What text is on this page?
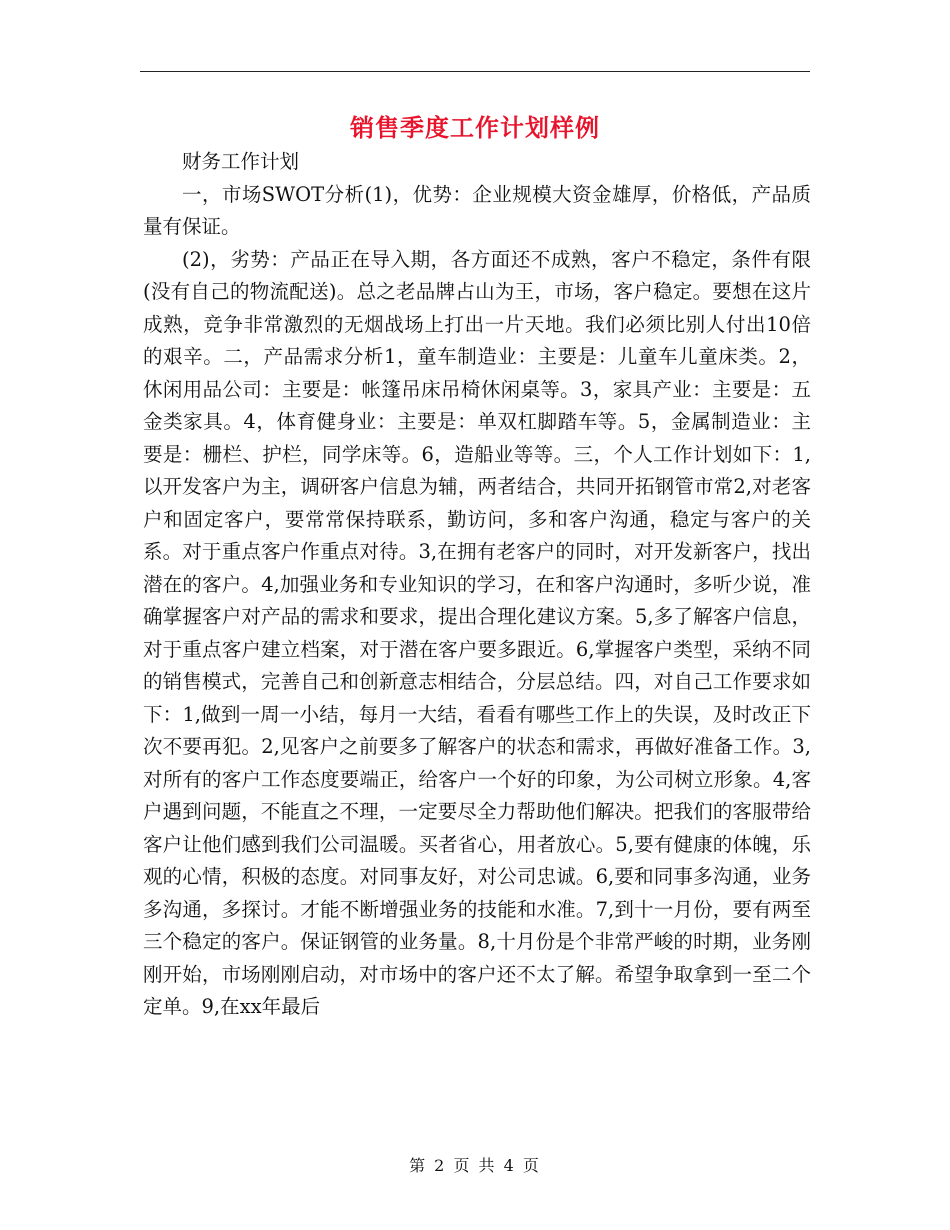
销售季度工作计划样例

财务工作计划

一，市场SWOT分析(1)，优势：企业规模大资金雄厚，价格低，产品质量有保证。

(2)，劣势：产品正在导入期，各方面还不成熟，客户不稳定，条件有限(没有自己的物流配送)。总之老品牌占山为王，市场，客户稳定。要想在这片成熟，竞争非常激烈的无烟战场上打出一片天地。我们必须比别人付出10倍的艰辛。二，产品需求分析1，童车制造业：主要是：儿童车儿童床类。2，休闲用品公司：主要是：帐篷吊床吊椅休闲桌等。3，家具产业：主要是：五金类家具。4，体育健身业：主要是：单双杠脚踏车等。5，金属制造业：主要是：栅栏、护栏，同学床等。6，造船业等等。三，个人工作计划如下：1,以开发客户为主，调研客户信息为辅，两者结合，共同开拓钢管市常2,对老客户和固定客户，要常常保持联系，勤访问，多和客户沟通，稳定与客户的关系。对于重点客户作重点对待。3,在拥有老客户的同时，对开发新客户，找出潜在的客户。4,加强业务和专业知识的学习，在和客户沟通时，多听少说，准确掌握客户对产品的需求和要求，提出合理化建议方案。5,多了解客户信息，对于重点客户建立档案，对于潜在客户要多跟近。6,掌握客户类型，采纳不同的销售模式，完善自己和创新意志相结合，分层总结。四，对自己工作要求如下：1,做到一周一小结，每月一大结，看看有哪些工作上的失误，及时改正下次不要再犯。2,见客户之前要多了解客户的状态和需求，再做好准备工作。3,对所有的客户工作态度要端正，给客户一个好的印象，为公司树立形象。4,客户遇到问题，不能直之不理，一定要尽全力帮助他们解决。把我们的客服带给客户让他们感到我们公司温暖。买者省心，用者放心。5,要有健康的体魄，乐观的心情，积极的态度。对同事友好，对公司忠诚。6,要和同事多沟通，业务多沟通，多探讨。才能不断增强业务的技能和水准。7,到十一月份，要有两至三个稳定的客户。保证钢管的业务量。8,十月份是个非常严峻的时期，业务刚刚开始，市场刚刚启动，对市场中的客户还不太了解。希望争取拿到一至二个定单。9,在xx年最后

第 2 页 共 4 页
